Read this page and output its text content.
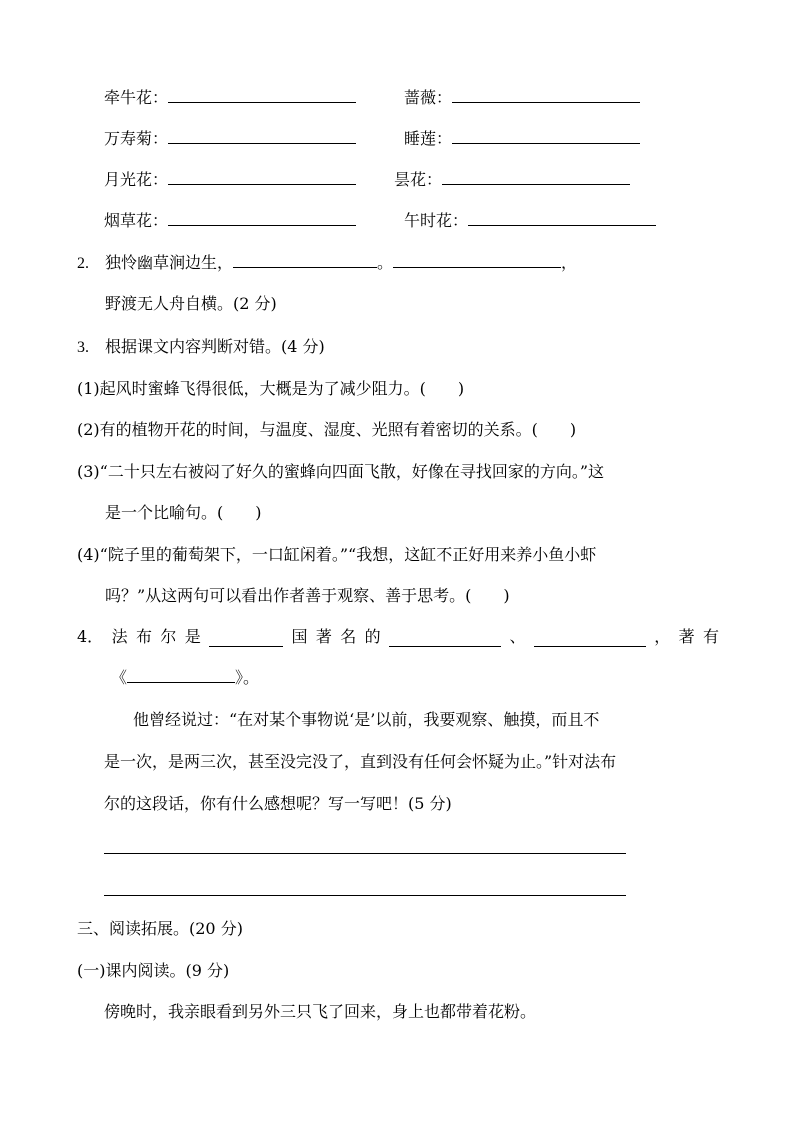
牵牛花：	蔷薇：
万寿菊：	睡莲：
月光花：	昙花：
烟草花：	午时花：
2. 独怜幽草涧边生，	。	，
野渡无人舟自横。(2 分)
3. 根据课文内容判断对错。(4 分)
(1)起风时蜜蜂飞得很低，大概是为了减少阻力。(　　)
(2)有的植物开花的时间，与温度、湿度、光照有着密切的关系。(　　)
(3)“二十只左右被闷了好久的蜜蜂向四面飞散，好像在寻找回家的方向。”这
是一个比喻句。(　　)
(4)“院子里的葡萄架下，一口缸闲着。”“我想，这缸不正好用来养小鱼小虾
吗？”从这两句可以看出作者善于观察、善于思考。(　　)
4． 法 布 尔 是	国 著 名 的	、	， 著 有
《	》。
他曾经说过：“在对某个事物说‘是’以前，我要观察、触摸，而且不
是一次，是两三次，甚至没完没了，直到没有任何会怀疑为止。”针对法布
尔的这段话，你有什么感想呢？写一写吧！(5 分)
三、阅读拓展。(20 分)
(一)课内阅读。(9 分)
傍晚时，我亲眼看到另外三只飞了回来，身上也都带着花粉。
